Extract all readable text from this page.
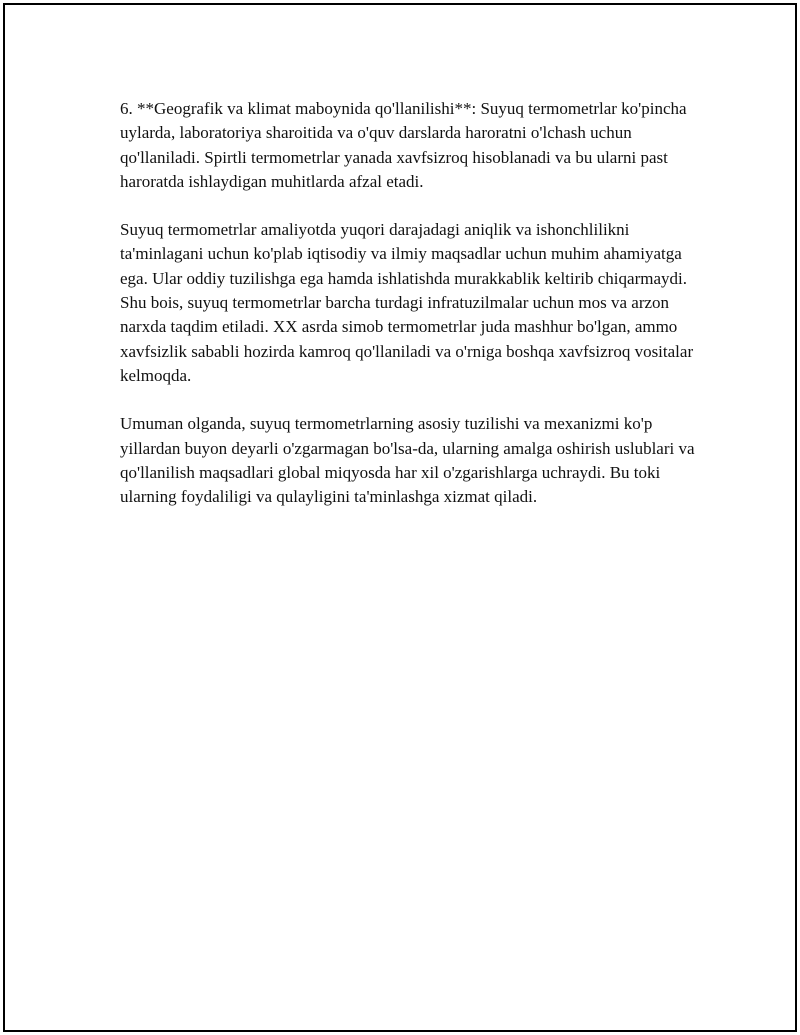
6. **Geografik va klimat maboynida qo'llanilishi**: Suyuq termometrlar ko'pincha uylarda, laboratoriya sharoitida va o'quv darslarda haroratni o'lchash uchun qo'llaniladi. Spirtli termometrlar yanada xavfsizroq hisoblanadi va bu ularni past haroratda ishlaydigan muhitlarda afzal etadi.

Suyuq termometrlar amaliyotda yuqori darajadagi aniqlik va ishonchlilikni ta'minlagani uchun ko'plab iqtisodiy va ilmiy maqsadlar uchun muhim ahamiyatga ega. Ular oddiy tuzilishga ega hamda ishlatishda murakkablik keltirib chiqarmaydi. Shu bois, suyuq termometrlar barcha turdagi infratuzilmalar uchun mos va arzon narxda taqdim etiladi. XX asrda simob termometrlar juda mashhur bo'lgan, ammo xavfsizlik sababli hozirda kamroq qo'llaniladi va o'rniga boshqa xavfsizroq vositalar kelmoqda.

Umuman olganda, suyuq termometrlarning asosiy tuzilishi va mexanizmi ko'p yillardan buyon deyarli o'zgarmagan bo'lsa-da, ularning amalga oshirish uslublari va qo'llanilish maqsadlari global miqyosda har xil o'zgarishlarga uchraydi. Bu toki ularning foydaliligi va qulayligini ta'minlashga xizmat qiladi.
